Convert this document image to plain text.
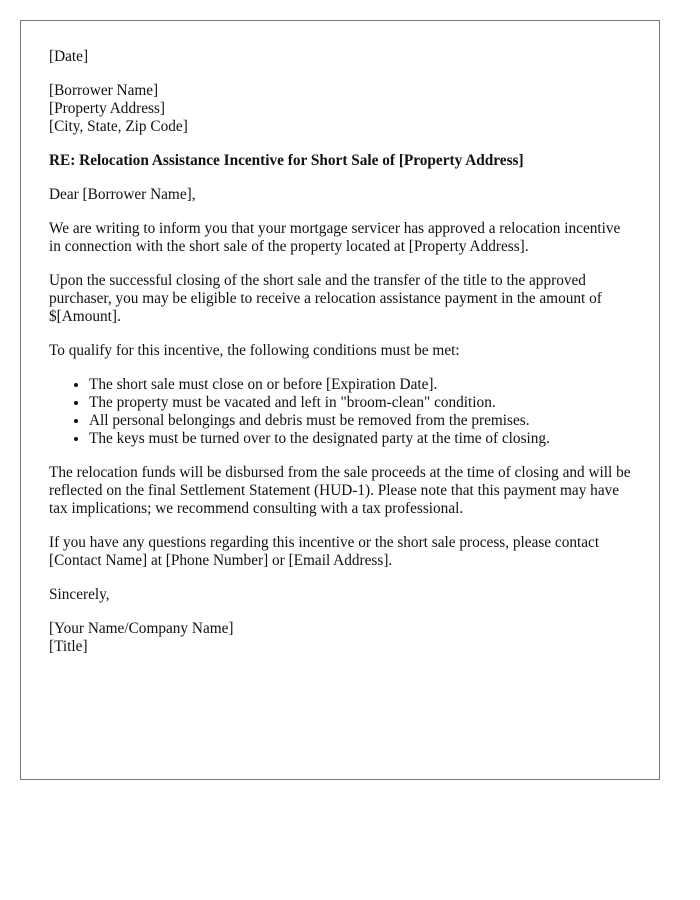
[Date]
[Borrower Name]
[Property Address]
[City, State, Zip Code]

RE: Relocation Assistance Incentive for Short Sale of [Property Address]

Dear [Borrower Name],

We are writing to inform you that your mortgage servicer has approved a relocation incentive in connection with the short sale of the property located at [Property Address].

Upon the successful closing of the short sale and the transfer of the title to the approved purchaser, you may be eligible to receive a relocation assistance payment in the amount of $[Amount].

To qualify for this incentive, the following conditions must be met:

• The short sale must close on or before [Expiration Date].
• The property must be vacated and left in "broom-clean" condition.
• All personal belongings and debris must be removed from the premises.
• The keys must be turned over to the designated party at the time of closing.

The relocation funds will be disbursed from the sale proceeds at the time of closing and will be reflected on the final Settlement Statement (HUD-1). Please note that this payment may have tax implications; we recommend consulting with a tax professional.

If you have any questions regarding this incentive or the short sale process, please contact [Contact Name] at [Phone Number] or [Email Address].

Sincerely,

[Your Name/Company Name]
[Title]
